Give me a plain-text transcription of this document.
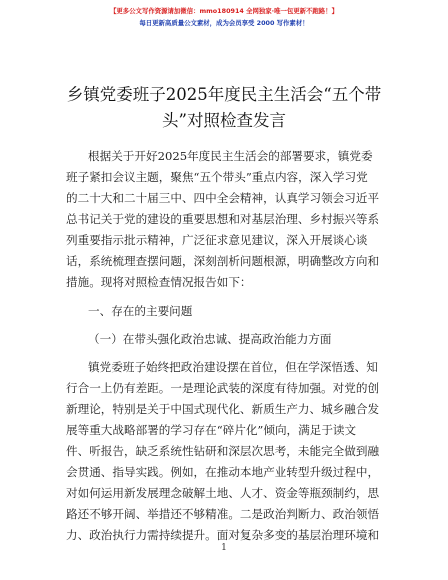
【更多公文写作资源请加微信：mmo180914 全网独家·唯一包更新不跑路！】
每日更新高质量公文素材，成为会员享受 2000 写作素材！
乡镇党委班子2025年度民主生活会“五个带
头”对照检查发言
根据关于开好2025年度民主生活会的部署要求，镇党委
班子紧扣会议主题，聚焦“五个带头”重点内容，深入学习党
的二十大和二十届三中、四中全会精神，认真学习领会习近平
总书记关于党的建设的重要思想和对基层治理、乡村振兴等系
列重要指示批示精神，广泛征求意见建议，深入开展谈心谈
话，系统梳理查摆问题，深刻剖析问题根源，明确整改方向和
措施。现将对照检查情况报告如下：
一、存在的主要问题
（一）在带头强化政治忠诚、提高政治能力方面
镇党委班子始终把政治建设摆在首位，但在学深悟透、知
行合一上仍有差距。一是理论武装的深度有待加强。对党的创
新理论，特别是关于中国式现代化、新质生产力、城乡融合发
展等重大战略部署的学习存在“碎片化”倾向，满足于读文
件、听报告，缺乏系统性钻研和深层次思考，未能完全做到融
会贯通、指导实践。例如，在推动本地产业转型升级过程中，
对如何运用新发展理念破解土地、人才、资金等瓶颈制约，思
路还不够开阔、举措还不够精准。二是政治判断力、政治领悟
力、政治执行力需持续提升。面对复杂多变的基层治理环境和
1
